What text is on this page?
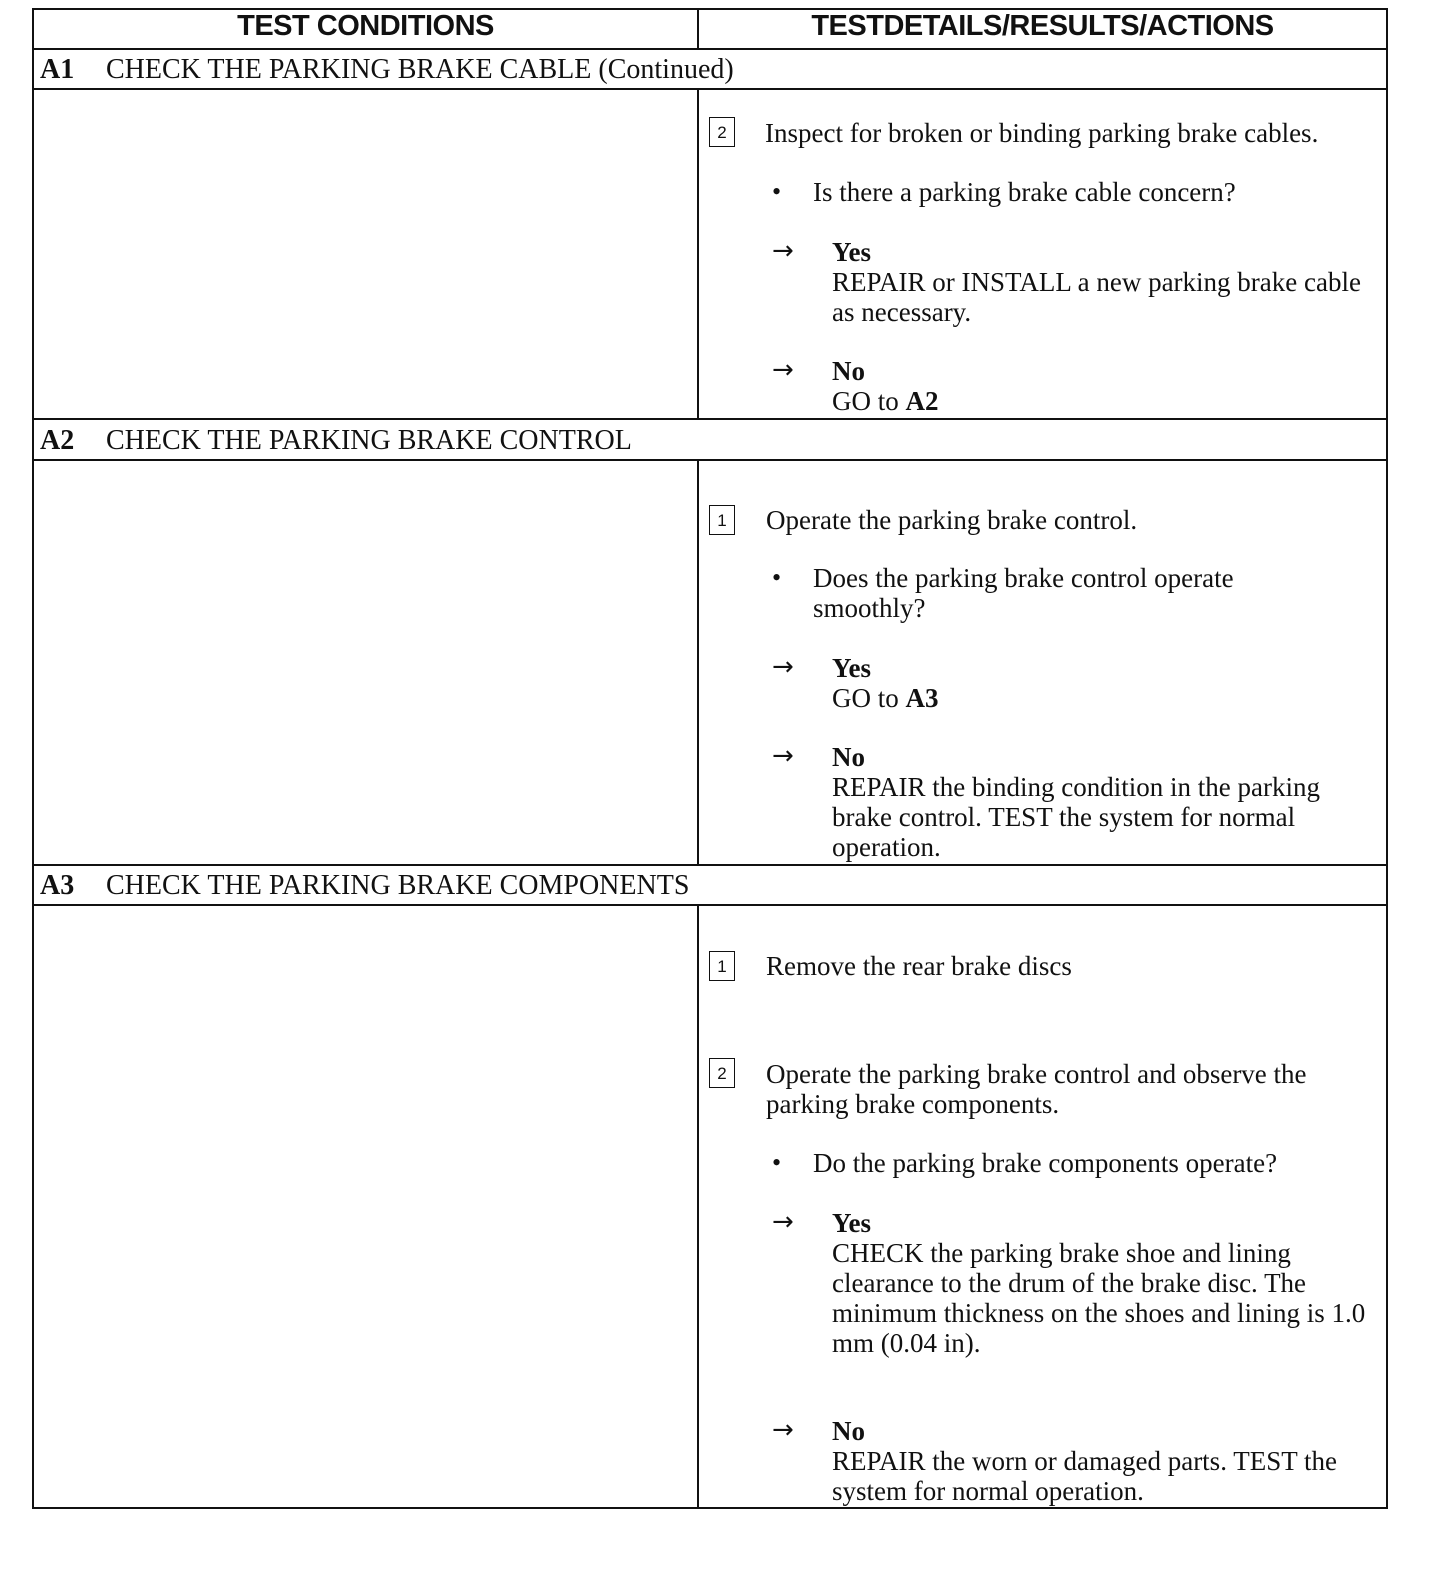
TEST CONDITIONS	TESTDETAILS/RESULTS/ACTIONS
A1 CHECK THE PARKING BRAKE CABLE (Continued)
2	Inspect for broken or binding parking brake cables.
• Is there a parking brake cable concern?
→ Yes
REPAIR or INSTALL a new parking brake cable as necessary.
→ No
GO to A2
A2 CHECK THE PARKING BRAKE CONTROL
1	Operate the parking brake control.
• Does the parking brake control operate smoothly?
→ Yes
GO to A3
→ No
REPAIR the binding condition in the parking brake control. TEST the system for normal operation.
A3 CHECK THE PARKING BRAKE COMPONENTS
1	Remove the rear brake discs
2	Operate the parking brake control and observe the parking brake components.
• Do the parking brake components operate?
→ Yes
CHECK the parking brake shoe and lining clearance to the drum of the brake disc. The minimum thickness on the shoes and lining is 1.0 mm (0.04 in).
→ No
REPAIR the worn or damaged parts. TEST the system for normal operation.
